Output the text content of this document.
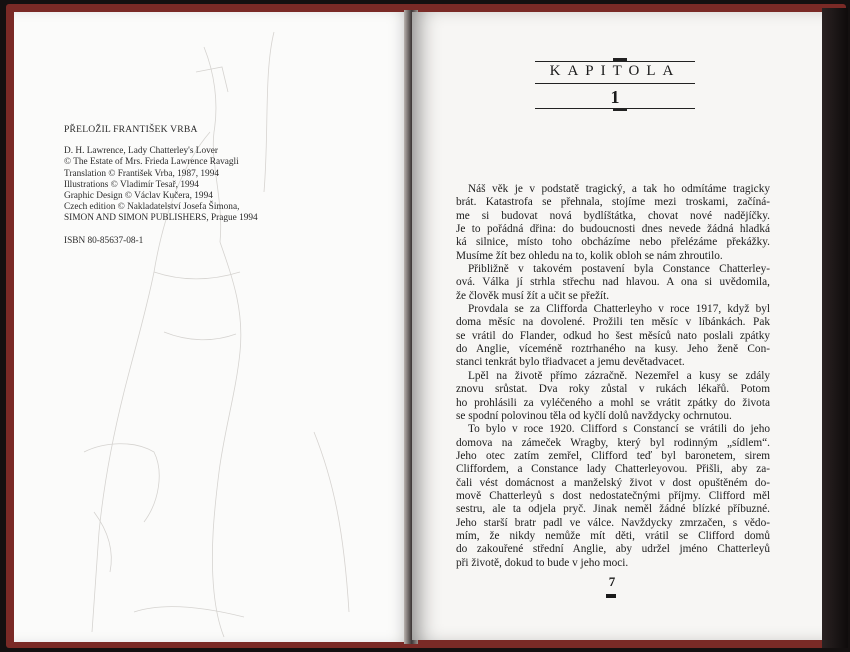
PŘELOŽIL FRANTIŠEK VRBA
D. H. Lawrence, Lady Chatterley's Lover
© The Estate of Mrs. Frieda Lawrence Ravagli
Translation © František Vrba, 1987, 1994
Illustrations © Vladimír Tesař, 1994
Graphic Design © Václav Kučera, 1994
Czech edition © Nakladatelství Josefa Šimona,
SIMON AND SIMON PUBLISHERS, Prague 1994
ISBN 80-85637-08-1
KAPITOLA
1

Náš věk je v podstatě tragický, a tak ho odmítáme tragicky
brát. Katastrofa se přehnala, stojíme mezi troskami, začíná-
me si budovat nová bydlíštátka, chovat nové nadějíčky.
Je to pořádná dřina: do budoucnosti dnes nevede žádná hladká
ká silnice, místo toho obcházíme nebo přelézáme překážky.
Musíme žít bez ohledu na to, kolik obloh se nám zhroutilo.

Přibližně v takovém postavení byla Constance Chatterley-
ová. Válka jí strhla střechu nad hlavou. A ona si uvědomila,
že člověk musí žít a učit se přežít.

Provdala se za Clifforda Chatterleyho v roce 1917, když byl
doma měsíc na dovolené. Prožili ten měsíc v líbánkách. Pak
se vrátil do Flander, odkud ho šest měsíců nato poslali zpátky
do Anglie, víceméně roztrhaného na kusy. Jeho ženě Con-
stanci tenkrát bylo třiadvacet a jemu devětadvacet.

Lpěl na životě přímo zázračně. Nezemřel a kusy se zdály
znovu srůstat. Dva roky zůstal v rukách lékařů. Potom
ho prohlásili za vyléčeného a mohl se vrátit zpátky do života
se spodní polovinou těla od kyčlí dolů navždycky ochrnutou.

To bylo v roce 1920. Clifford s Constancí se vrátili do jeho
domova na zámeček Wragby, který byl rodinným „sídlem“.
Jeho otec zatím zemřel, Clifford teď byl baronetem, sirem
Cliffordem, a Constance lady Chatterleyovou. Přišli, aby za-
čali vést domácnost a manželský život v dost opuštěném do-
mově Chatterleyů s dost nedostatečnými příjmy. Clifford měl
sestru, ale ta odjela pryč. Jinak neměl žádné blízké příbuzné.
Jeho starší bratr padl ve válce. Navždycky zmrzačen, s vědo-
mím, že nikdy nemůže mít děti, vrátil se Clifford domů
do zakouřené střední Anglie, aby udržel jméno Chatterleyů
při životě, dokud to bude v jeho moci.

7
